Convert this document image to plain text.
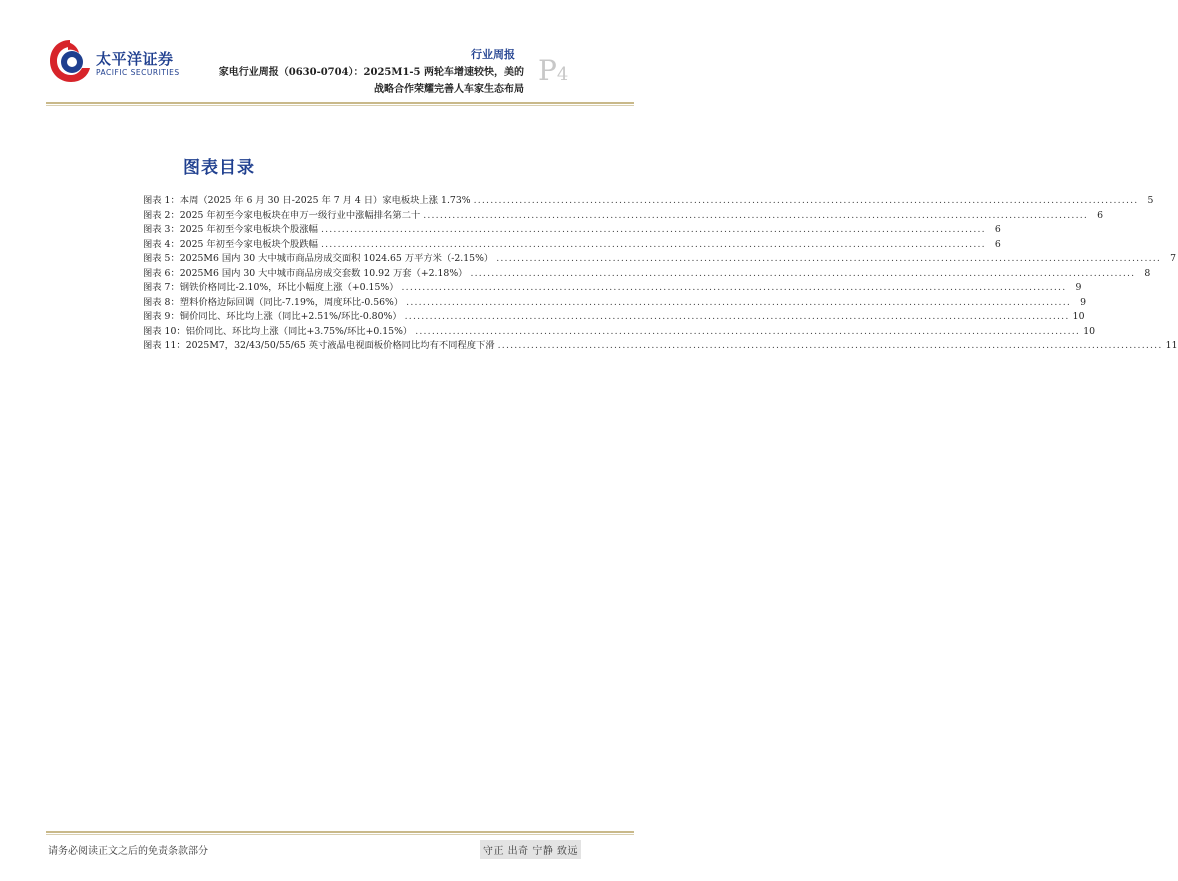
太平洋证券
PACIFIC SECURITIES
行业周报
家电行业周报（0630-0704）：2025M1-5 两轮车增速较快，美的
战略合作荣耀完善人车家生态布局
P4
图表目录
图表 1： 本周（2025 年 6 月 30 日-2025 年 7 月 4 日）家电板块上涨 1.73% .....	5
图表 2： 2025 年初至今家电板块在申万一级行业中涨幅排名第二十 .....	6
图表 3： 2025 年初至今家电板块个股涨幅 .....	6
图表 4： 2025 年初至今家电板块个股跌幅 .....	6
图表 5： 2025M6 国内 30 大中城市商品房成交面积 1024.65 万平方米（-2.15%） .....	7
图表 6： 2025M6 国内 30 大中城市商品房成交套数 10.92 万套（+2.18%） .....	8
图表 7： 钢铁价格同比-2.10%，环比小幅度上涨（+0.15%） .....	9
图表 8： 塑料价格边际回调（同比-7.19%，周度环比-0.56%） .....	9
图表 9： 铜价同比、环比均上涨（同比+2.51%/环比-0.80%） .....	10
图表 10： 铝价同比、环比均上涨（同比+3.75%/环比+0.15%） .....	10
图表 11： 2025M7，32/43/50/55/65 英寸液晶电视面板价格同比均有不同程度下滑 .....	11
请务必阅读正文之后的免责条款部分	守正 出奇 宁静 致远
